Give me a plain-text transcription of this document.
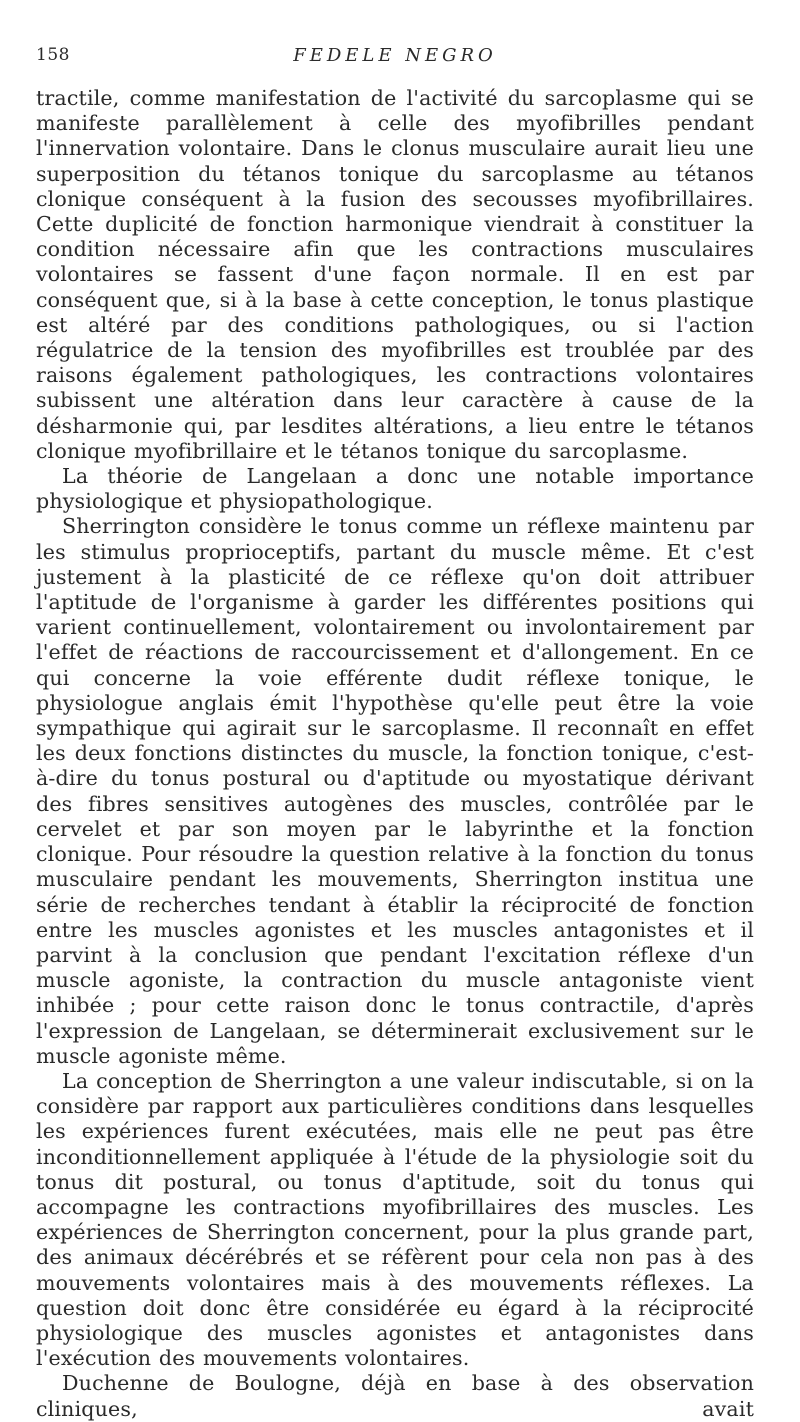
158	FEDELE NEGRO

tractile, comme manifestation de l'activité du sarcoplasme qui se manifeste parallèlement à celle des myofibrilles pendant l'innervation volontaire. Dans le clonus musculaire aurait lieu une superposition du tétanos tonique du sarcoplasme au tétanos clonique conséquent à la fusion des secousses myofibrillaires. Cette duplicité de fonction harmonique viendrait à constituer la condition nécessaire afin que les contractions musculaires volontaires se fassent d'une façon normale. Il en est par conséquent que, si à la base à cette conception, le tonus plastique est altéré par des conditions pathologiques, ou si l'action régulatrice de la tension des myofibrilles est troublée par des raisons également pathologiques, les contractions volontaires subissent une altération dans leur caractère à cause de la désharmonie qui, par lesdites altérations, a lieu entre le tétanos clonique myofibrillaire et le tétanos tonique du sarcoplasme.

La théorie de Langelaan a donc une notable importance physiologique et physiopathologique.

Sherrington considère le tonus comme un réflexe maintenu par les stimulus proprioceptifs, partant du muscle même. Et c'est justement à la plasticité de ce réflexe qu'on doit attribuer l'aptitude de l'organisme à garder les différentes positions qui varient continuellement, volontairement ou involontairement par l'effet de réactions de raccourcissement et d'allongement. En ce qui concerne la voie efférente dudit réflexe tonique, le physiologue anglais émit l'hypothèse qu'elle peut être la voie sympathique qui agirait sur le sarcoplasme. Il reconnaît en effet les deux fonctions distinctes du muscle, la fonction tonique, c'est-à-dire du tonus postural ou d'aptitude ou myostatique dérivant des fibres sensitives autogènes des muscles, contrôlée par le cervelet et par son moyen par le labyrinthe et la fonction clonique. Pour résoudre la question relative à la fonction du tonus musculaire pendant les mouvements, Sherrington institua une série de recherches tendant à établir la réciprocité de fonction entre les muscles agonistes et les muscles antagonistes et il parvint à la conclusion que pendant l'excitation réflexe d'un muscle agoniste, la contraction du muscle antagoniste vient inhibée ; pour cette raison donc le tonus contractile, d'après l'expression de Langelaan, se déterminerait exclusivement sur le muscle agoniste même.

La conception de Sherrington a une valeur indiscutable, si on la considère par rapport aux particulières conditions dans lesquelles les expériences furent exécutées, mais elle ne peut pas être inconditionnellement appliquée à l'étude de la physiologie soit du tonus dit postural, ou tonus d'aptitude, soit du tonus qui accompagne les contractions myofibrillaires des muscles. Les expériences de Sherrington concernent, pour la plus grande part, des animaux décérébrés et se réfèrent pour cela non pas à des mouvements volontaires mais à des mouvements réflexes. La question doit donc être considérée eu égard à la réciprocité physiologique des muscles agonistes et antagonistes dans l'exécution des mouvements volontaires.

Duchenne de Boulogne, déjà en base à des observation cliniques, avait
